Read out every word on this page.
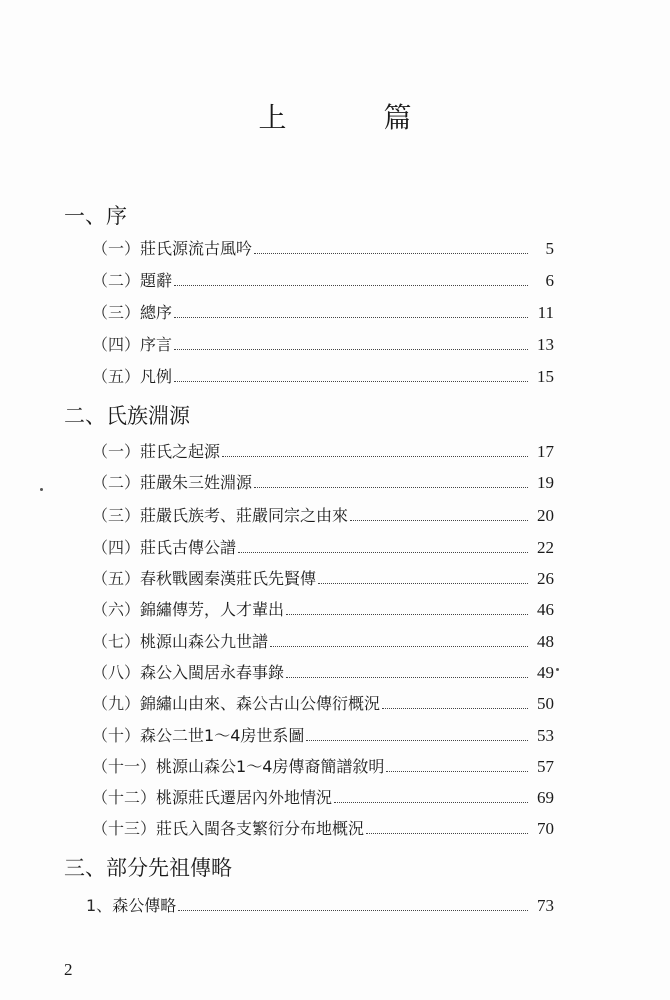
上 篇
一、序
（一） 莊氏源流古風吟	5
（二） 題辭	6
（三） 總序	11
（四） 序言	13
（五） 凡例	15
二、氏族淵源
（一） 莊氏之起源	17
（二） 莊嚴朱三姓淵源	19
（三） 莊嚴氏族考、莊嚴同宗之由來	20
（四） 莊氏古傳公譜	22
（五） 春秋戰國秦漢莊氏先賢傳	26
（六） 錦繡傳芳，人才輩出	46
（七） 桃源山森公九世譜	48
（八） 森公入閩居永春事錄	49
（九） 錦繡山由來、森公古山公傳衍概況	50
（十） 森公二世1～4房世系圖	53
（十一） 桃源山森公1～4房傳裔簡譜敘明	57
（十二） 桃源莊氏遷居內外地情況	69
（十三） 莊氏入閩各支繁衍分布地概況	70
三、部分先祖傳略
1、 森公傳略	73
2
